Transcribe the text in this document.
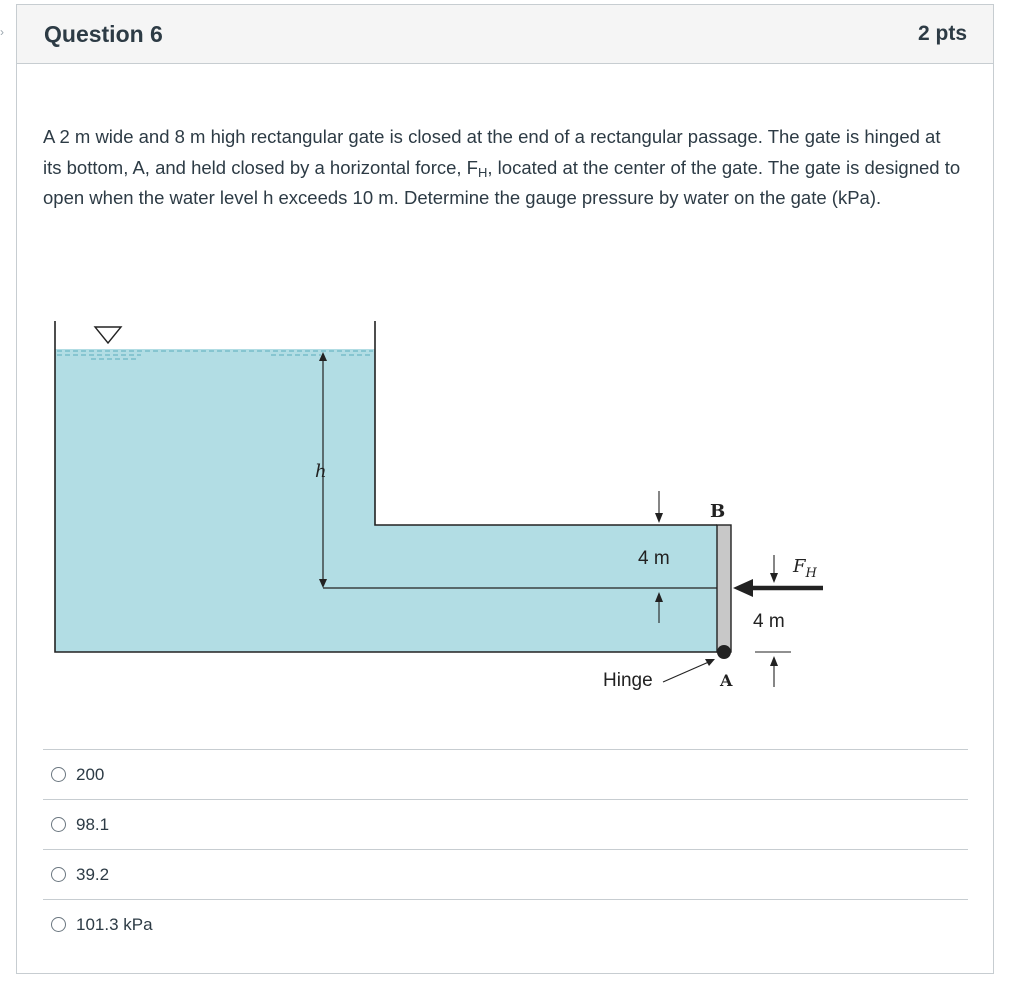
› Question 6	2 pts
A 2 m wide and 8 m high rectangular gate is closed at the end of a rectangular passage. The gate is hinged at its bottom, A, and held closed by a horizontal force, $F_H$, located at the center of the gate. The gate is designed to open when the water level h exceeds 10 m. Determine the gauge pressure by water on the gate (kPa).
h
4 m
B
A
Hinge
$F_H$
4 m
200
98.1
39.2
101.3 kPa
